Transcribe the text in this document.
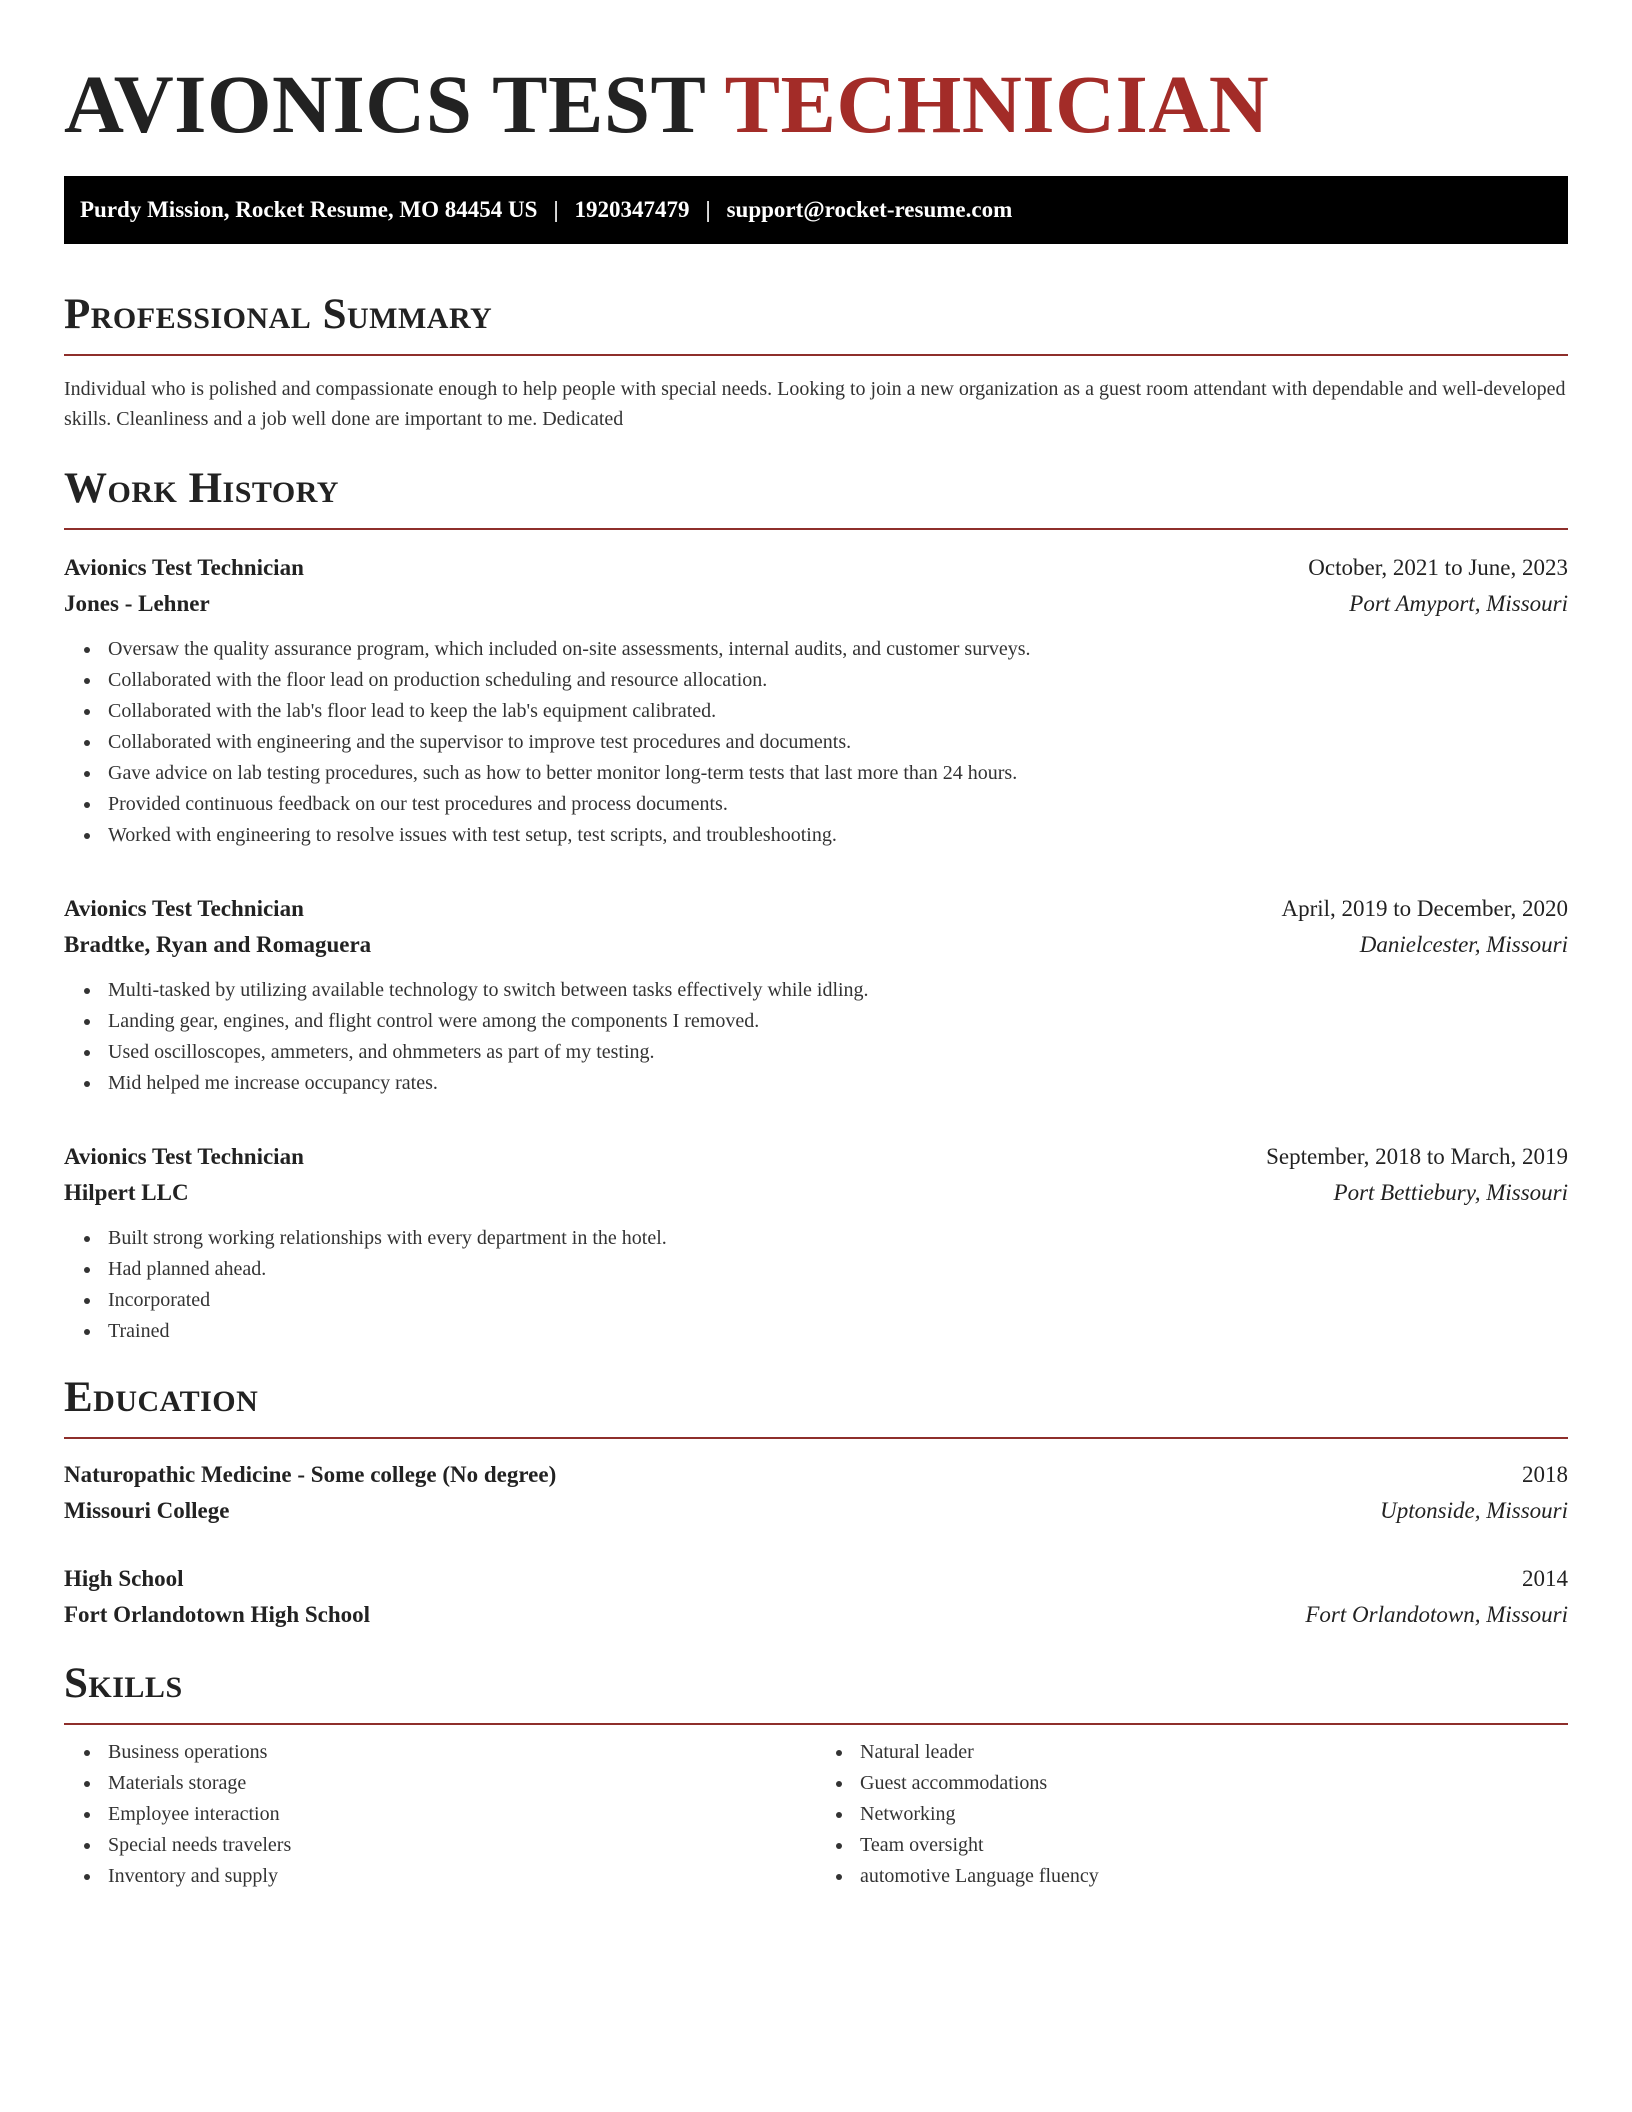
AVIONICS TEST TECHNICIAN
Purdy Mission, Rocket Resume, MO 84454 US | 1920347479 | support@rocket-resume.com
Professional Summary

Individual who is polished and compassionate enough to help people with special needs. Looking to join a new organization as a guest room attendant with dependable and well-developed skills. Cleanliness and a job well done are important to me. Dedicated

Work History
Avionics Test Technician	October, 2021 to June, 2023
Jones - Lehner	Port Amyport, Missouri
Oversaw the quality assurance program, which included on-site assessments, internal audits, and customer surveys.
Collaborated with the floor lead on production scheduling and resource allocation.
Collaborated with the lab's floor lead to keep the lab's equipment calibrated.
Collaborated with engineering and the supervisor to improve test procedures and documents.
Gave advice on lab testing procedures, such as how to better monitor long-term tests that last more than 24 hours.
Provided continuous feedback on our test procedures and process documents.
Worked with engineering to resolve issues with test setup, test scripts, and troubleshooting.
Avionics Test Technician	April, 2019 to December, 2020
Bradtke, Ryan and Romaguera	Danielcester, Missouri
Multi-tasked by utilizing available technology to switch between tasks effectively while idling.
Landing gear, engines, and flight control were among the components I removed.
Used oscilloscopes, ammeters, and ohmmeters as part of my testing.
Mid helped me increase occupancy rates.
Avionics Test Technician	September, 2018 to March, 2019
Hilpert LLC	Port Bettiebury, Missouri
Built strong working relationships with every department in the hotel.
Had planned ahead.
Incorporated
Trained
Education
Naturopathic Medicine - Some college (No degree)	2018
Missouri College	Uptonside, Missouri
High School	2014
Fort Orlandotown High School	Fort Orlandotown, Missouri
Skills
Business operations
Materials storage
Employee interaction
Special needs travelers
Inventory and supply
Natural leader
Guest accommodations
Networking
Team oversight
automotive Language fluency
